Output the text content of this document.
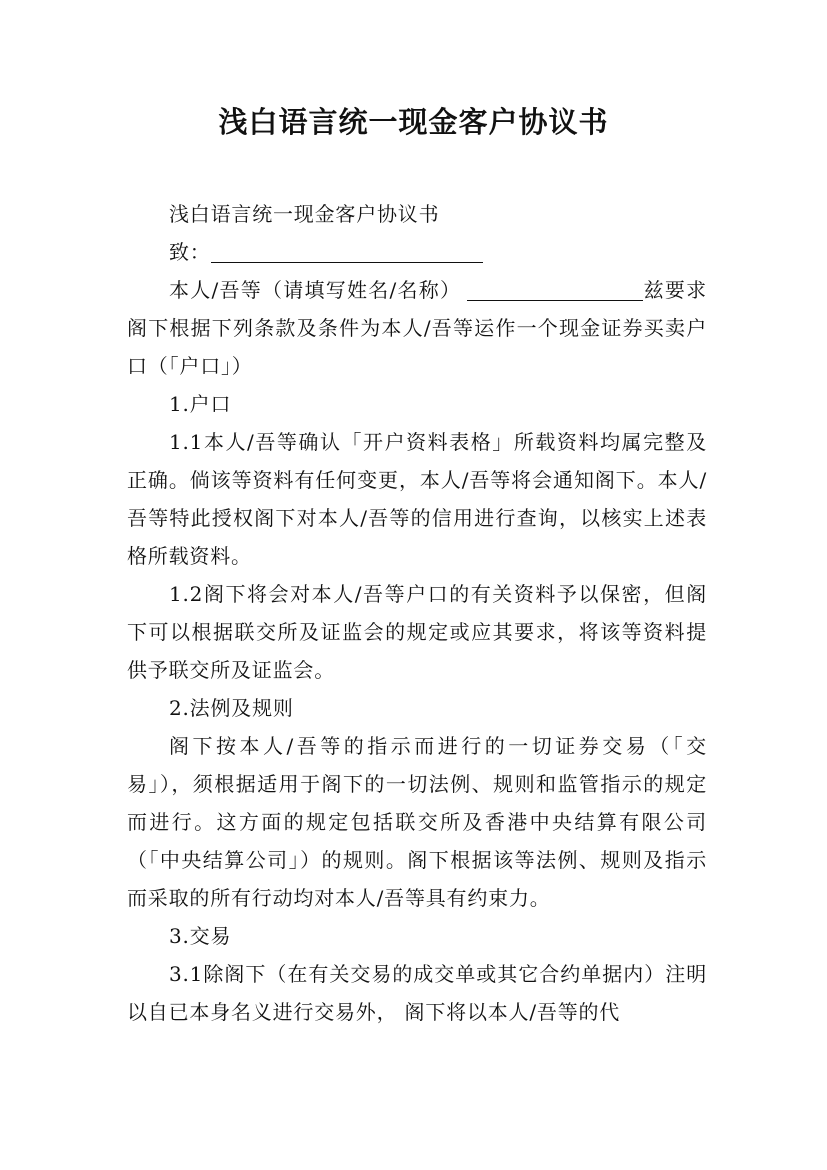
浅白语言统一现金客户协议书

浅白语言统一现金客户协议书

致：

本人/吾等（请填写姓名/名称）	兹要求阁下根据下列条款及条件为本人/吾等运作一个现金证券买卖户口（「户口」）

1.户口

1.1本人/吾等确认「开户资料表格」所载资料均属完整及正确。倘该等资料有任何变更，本人/吾等将会通知阁下。本人/吾等特此授权阁下对本人/吾等的信用进行查询，以核实上述表格所载资料。

1.2阁下将会对本人/吾等户口的有关资料予以保密，但阁下可以根据联交所及证监会的规定或应其要求，将该等资料提供予联交所及证监会。

2.法例及规则

阁下按本人/吾等的指示而进行的一切证券交易（「交易」），须根据适用于阁下的一切法例、规则和监管指示的规定而进行。这方面的规定包括联交所及香港中央结算有限公司（「中央结算公司」）的规则。阁下根据该等法例、规则及指示而采取的所有行动均对本人/吾等具有约束力。

3.交易

3.1除阁下（在有关交易的成交单或其它合约单据内）注明以自已本身名义进行交易外， 阁下将以本人/吾等的代
